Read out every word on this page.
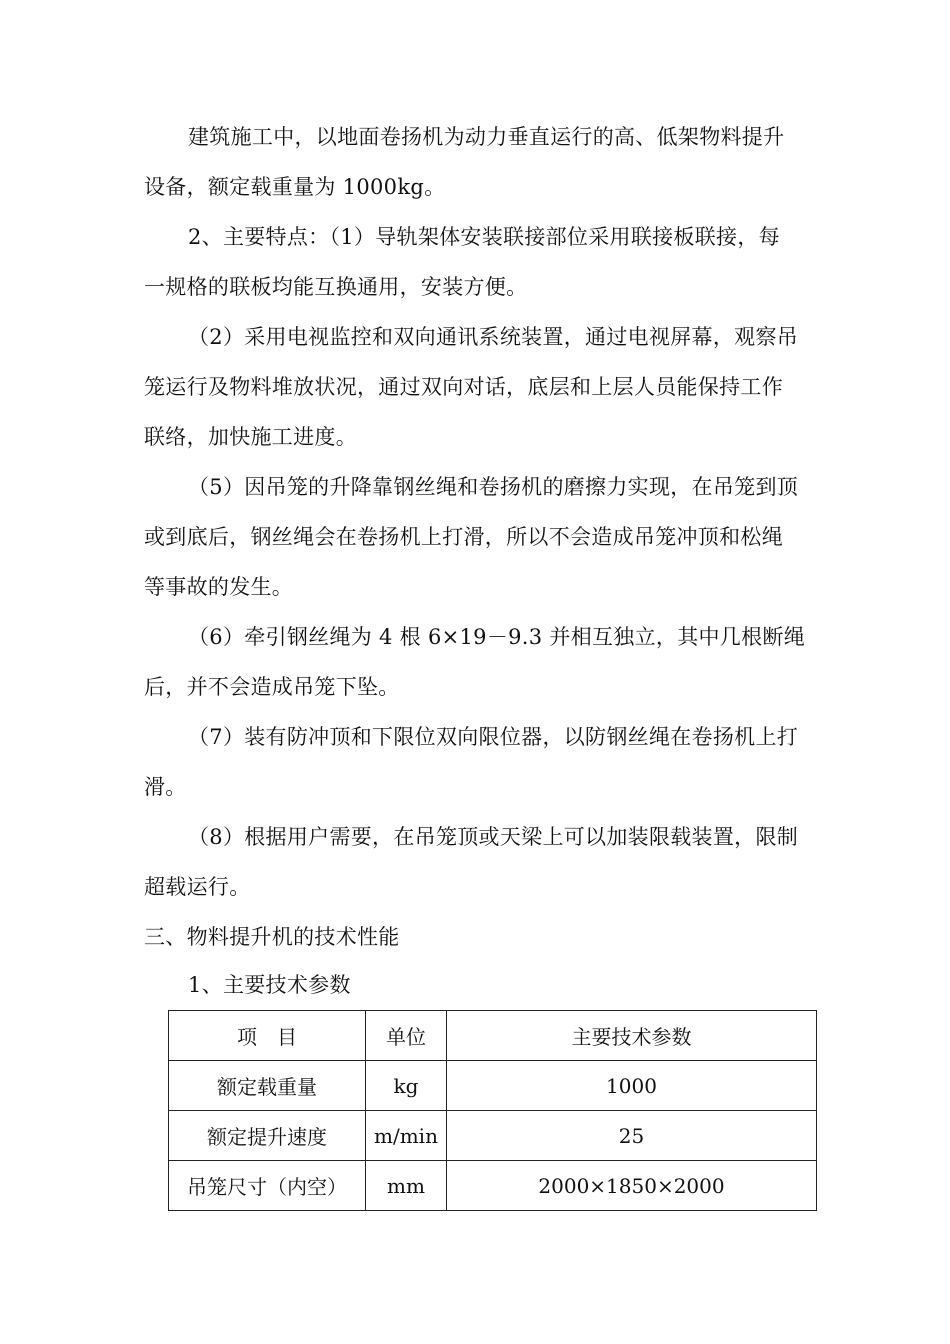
建筑施工中，以地面卷扬机为动力垂直运行的高、低架物料提升
设备，额定载重量为 1000kg。
2、主要特点：（1）导轨架体安装联接部位采用联接板联接，每
一规格的联板均能互换通用，安装方便。
（2）采用电视监控和双向通讯系统装置，通过电视屏幕，观察吊
笼运行及物料堆放状况，通过双向对话，底层和上层人员能保持工作
联络，加快施工进度。
（5）因吊笼的升降靠钢丝绳和卷扬机的磨擦力实现，在吊笼到顶
或到底后，钢丝绳会在卷扬机上打滑，所以不会造成吊笼冲顶和松绳
等事故的发生。
（6）牵引钢丝绳为 4 根 6×19－9.3 并相互独立，其中几根断绳
后，并不会造成吊笼下坠。
（7）装有防冲顶和下限位双向限位器，以防钢丝绳在卷扬机上打
滑。
（8）根据用户需要，在吊笼顶或天梁上可以加装限载装置，限制
超载运行。
三、物料提升机的技术性能
1、主要技术参数
项　目	单位	主要技术参数
额定载重量	kg	1000
额定提升速度	m/min	25
吊笼尺寸（内空）	mm	2000×1850×2000
